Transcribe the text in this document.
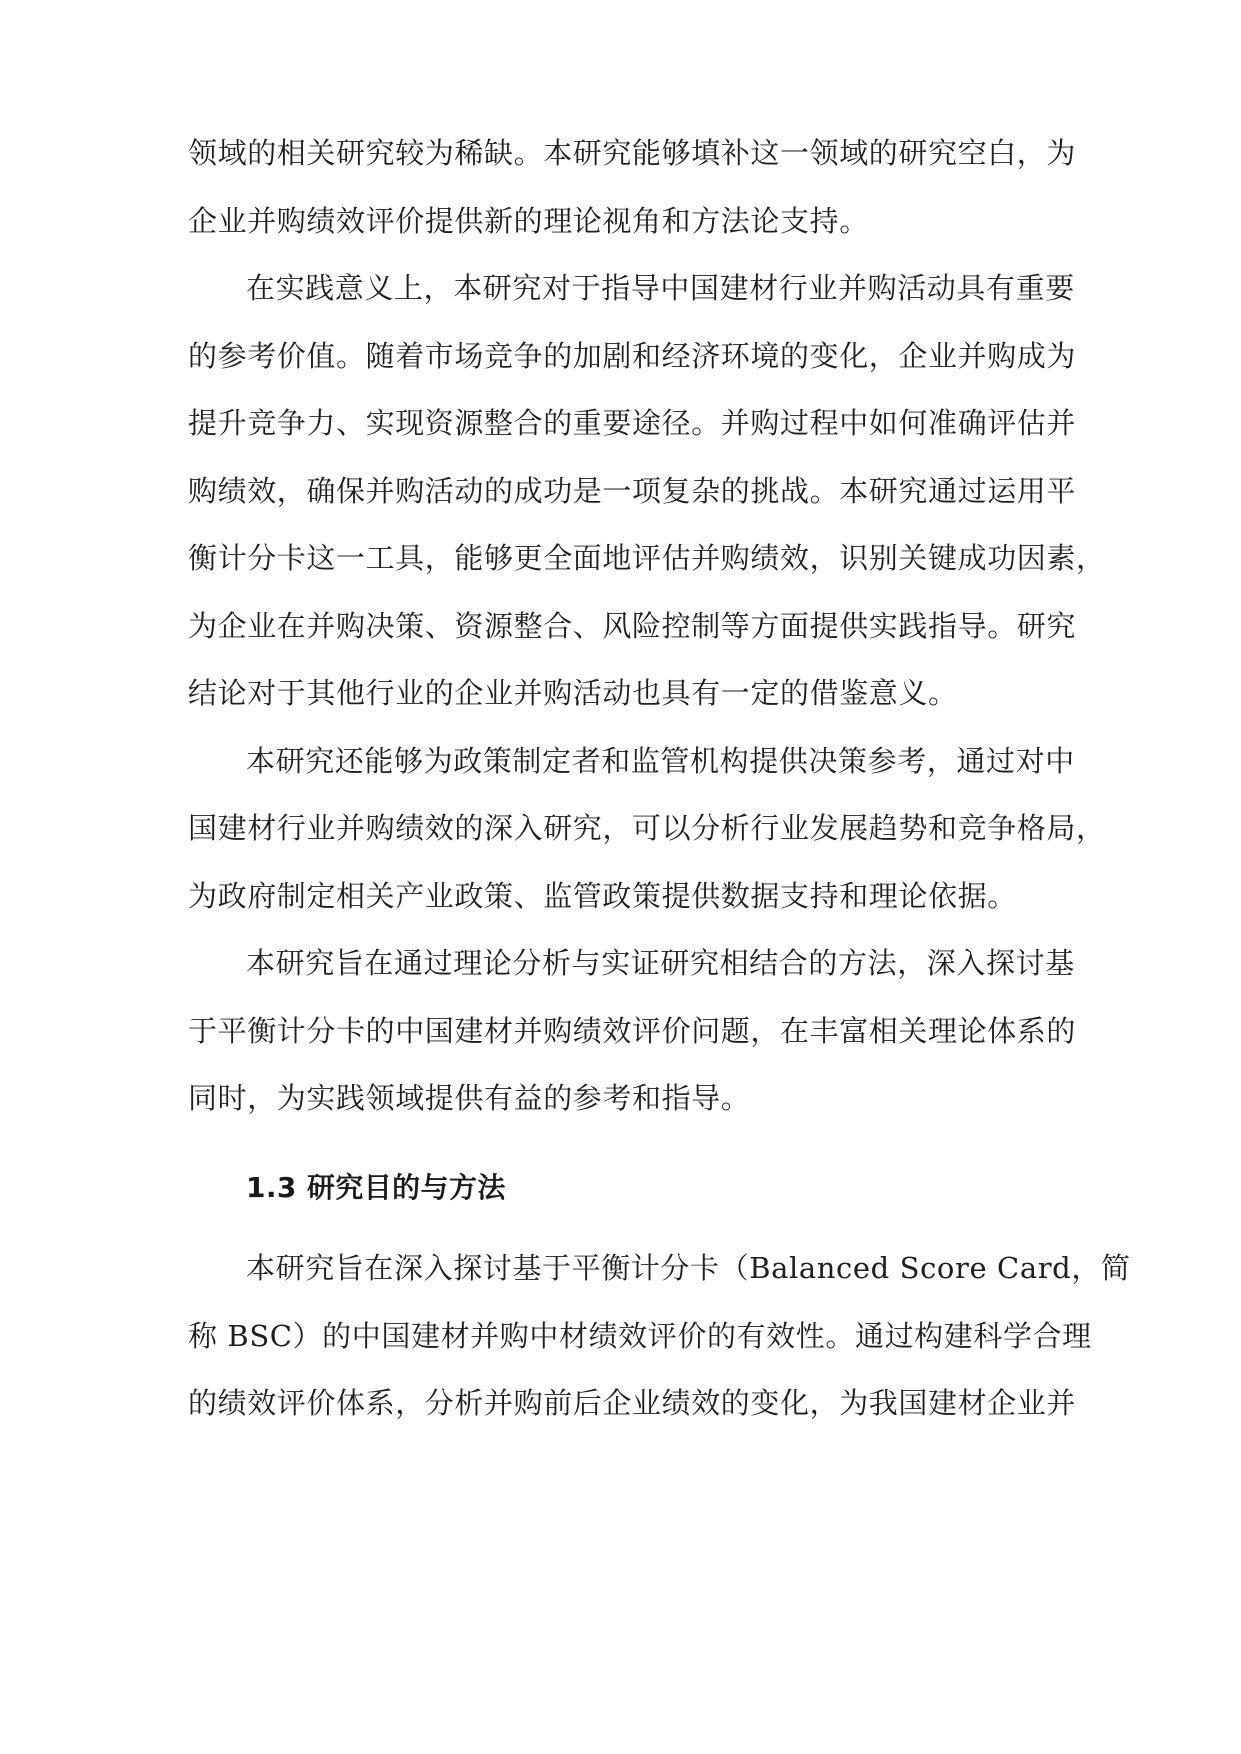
领域的相关研究较为稀缺。本研究能够填补这一领域的研究空白，为

企业并购绩效评价提供新的理论视角和方法论支持。

在实践意义上，本研究对于指导中国建材行业并购活动具有重要

的参考价值。随着市场竞争的加剧和经济环境的变化，企业并购成为

提升竞争力、实现资源整合的重要途径。并购过程中如何准确评估并

购绩效，确保并购活动的成功是一项复杂的挑战。本研究通过运用平

衡计分卡这一工具，能够更全面地评估并购绩效，识别关键成功因素，

为企业在并购决策、资源整合、风险控制等方面提供实践指导。研究

结论对于其他行业的企业并购活动也具有一定的借鉴意义。

本研究还能够为政策制定者和监管机构提供决策参考，通过对中

国建材行业并购绩效的深入研究，可以分析行业发展趋势和竞争格局，

为政府制定相关产业政策、监管政策提供数据支持和理论依据。

本研究旨在通过理论分析与实证研究相结合的方法，深入探讨基

于平衡计分卡的中国建材并购绩效评价问题，在丰富相关理论体系的

同时，为实践领域提供有益的参考和指导。

1.3 研究目的与方法

本研究旨在深入探讨基于平衡计分卡（Balanced Score Card，简

称 BSC）的中国建材并购中材绩效评价的有效性。通过构建科学合理

的绩效评价体系，分析并购前后企业绩效的变化，为我国建材企业并
